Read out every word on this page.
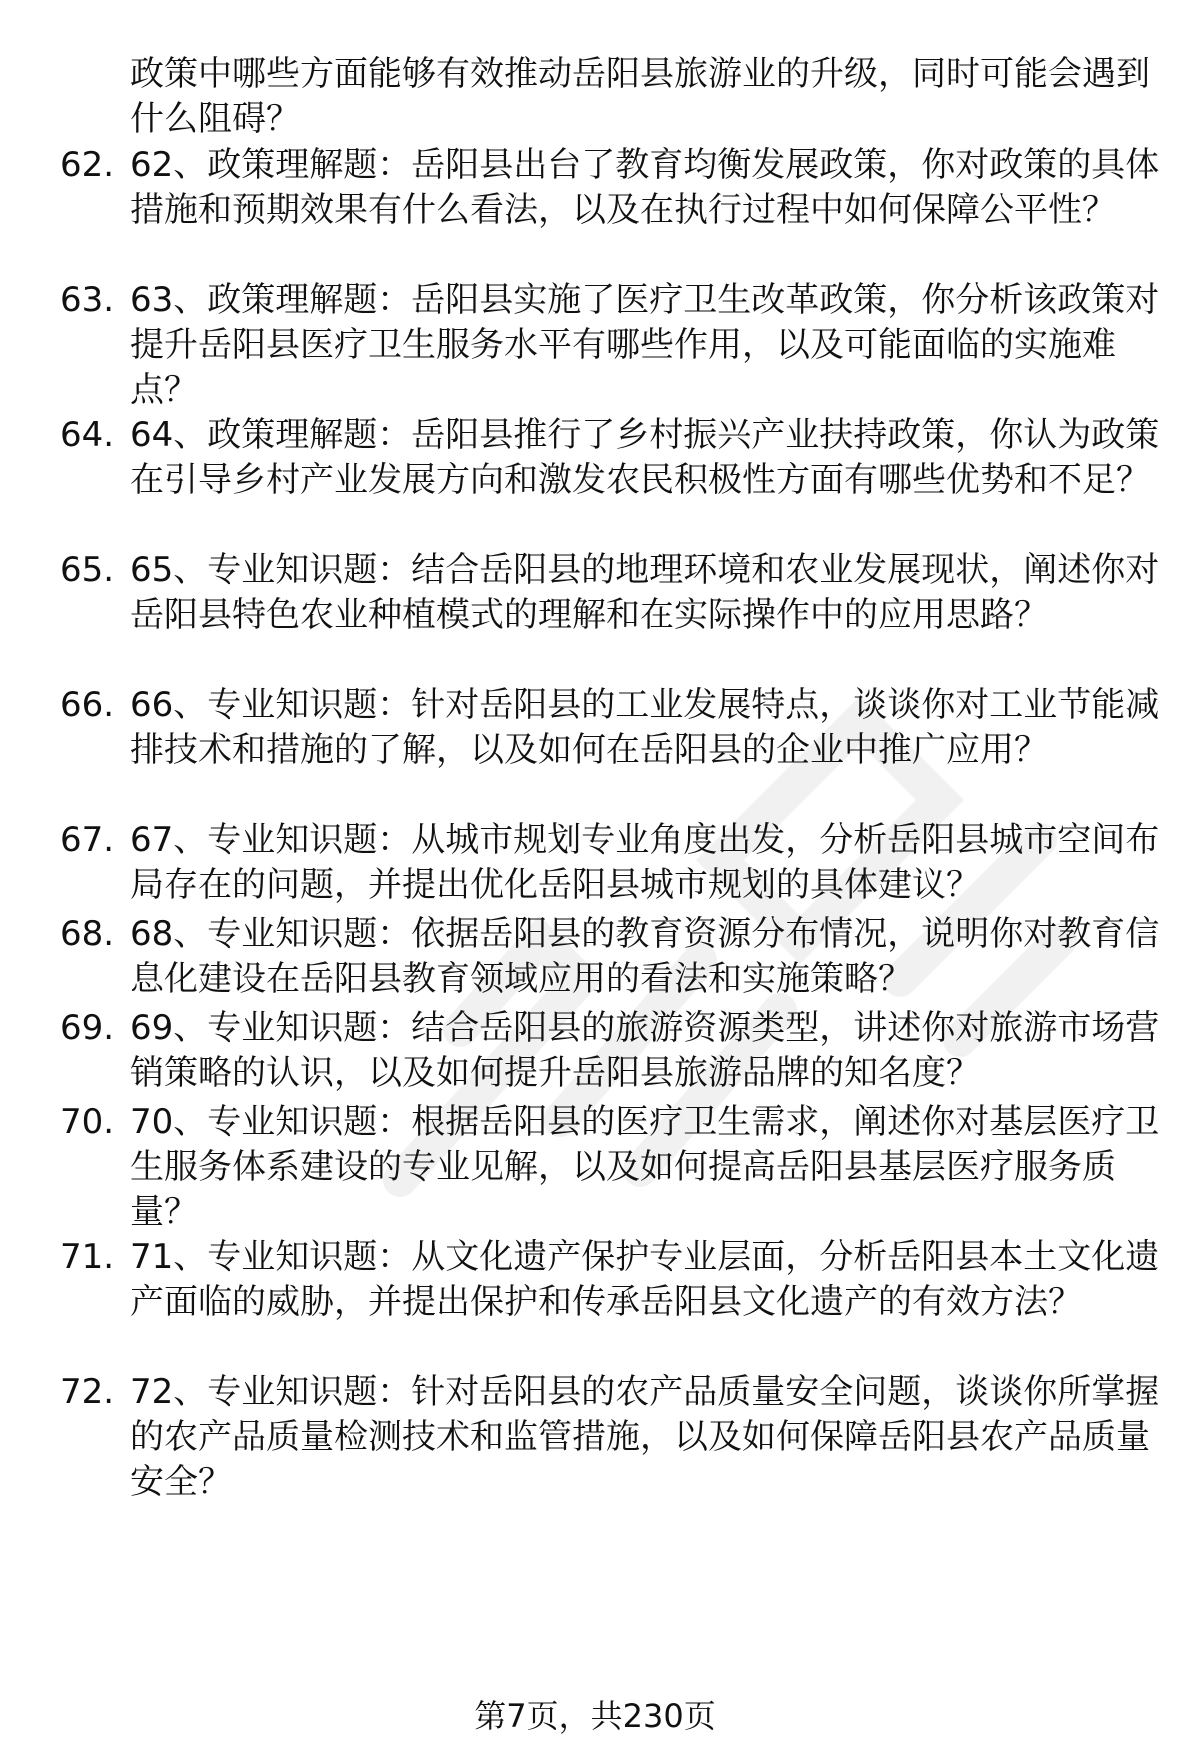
政策中哪些方面能够有效推动岳阳县旅游业的升级，同时可能会遇到什么阻碍？

62. 62、政策理解题：岳阳县出台了教育均衡发展政策，你对政策的具体措施和预期效果有什么看法，以及在执行过程中如何保障公平性？

63. 63、政策理解题：岳阳县实施了医疗卫生改革政策，你分析该政策对提升岳阳县医疗卫生服务水平有哪些作用，以及可能面临的实施难点？

64. 64、政策理解题：岳阳县推行了乡村振兴产业扶持政策，你认为政策在引导乡村产业发展方向和激发农民积极性方面有哪些优势和不足？

65. 65、专业知识题：结合岳阳县的地理环境和农业发展现状，阐述你对岳阳县特色农业种植模式的理解和在实际操作中的应用思路？

66. 66、专业知识题：针对岳阳县的工业发展特点，谈谈你对工业节能减排技术和措施的了解，以及如何在岳阳县的企业中推广应用？

67. 67、专业知识题：从城市规划专业角度出发，分析岳阳县城市空间布局存在的问题，并提出优化岳阳县城市规划的具体建议？

68. 68、专业知识题：依据岳阳县的教育资源分布情况，说明你对教育信息化建设在岳阳县教育领域应用的看法和实施策略？

69. 69、专业知识题：结合岳阳县的旅游资源类型，讲述你对旅游市场营销策略的认识，以及如何提升岳阳县旅游品牌的知名度？

70. 70、专业知识题：根据岳阳县的医疗卫生需求，阐述你对基层医疗卫生服务体系建设的专业见解，以及如何提高岳阳县基层医疗服务质量？

71. 71、专业知识题：从文化遗产保护专业层面，分析岳阳县本土文化遗产面临的威胁，并提出保护和传承岳阳县文化遗产的有效方法？

72. 72、专业知识题：针对岳阳县的农产品质量安全问题，谈谈你所掌握的农产品质量检测技术和监管措施，以及如何保障岳阳县农产品质量安全？

第7页，共230页
